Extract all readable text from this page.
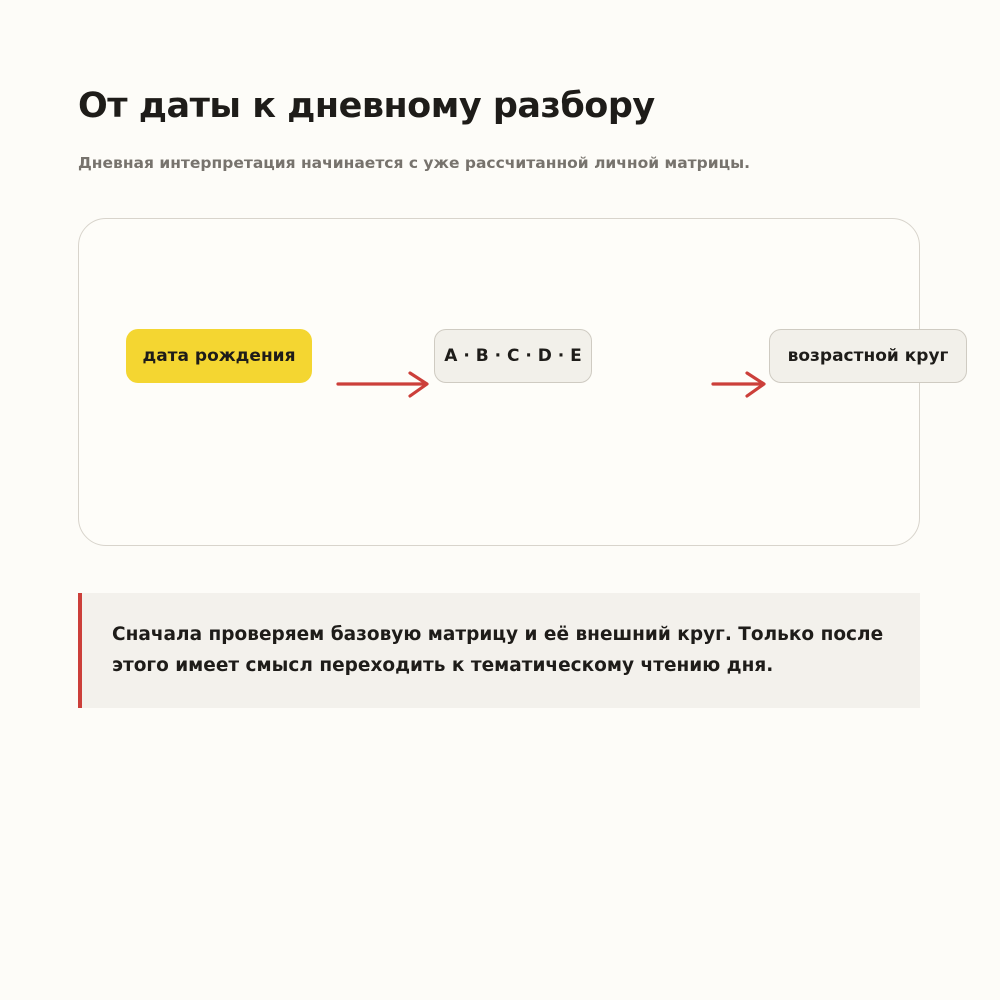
От даты к дневному разбору

Дневная интерпретация начинается с уже рассчитанной личной матрицы.

дата рождения	A · B · C · D · E	возрастной круг
Сначала проверяем базовую матрицу и её внешний круг. Только после
этого имеет смысл переходить к тематическому чтению дня.
